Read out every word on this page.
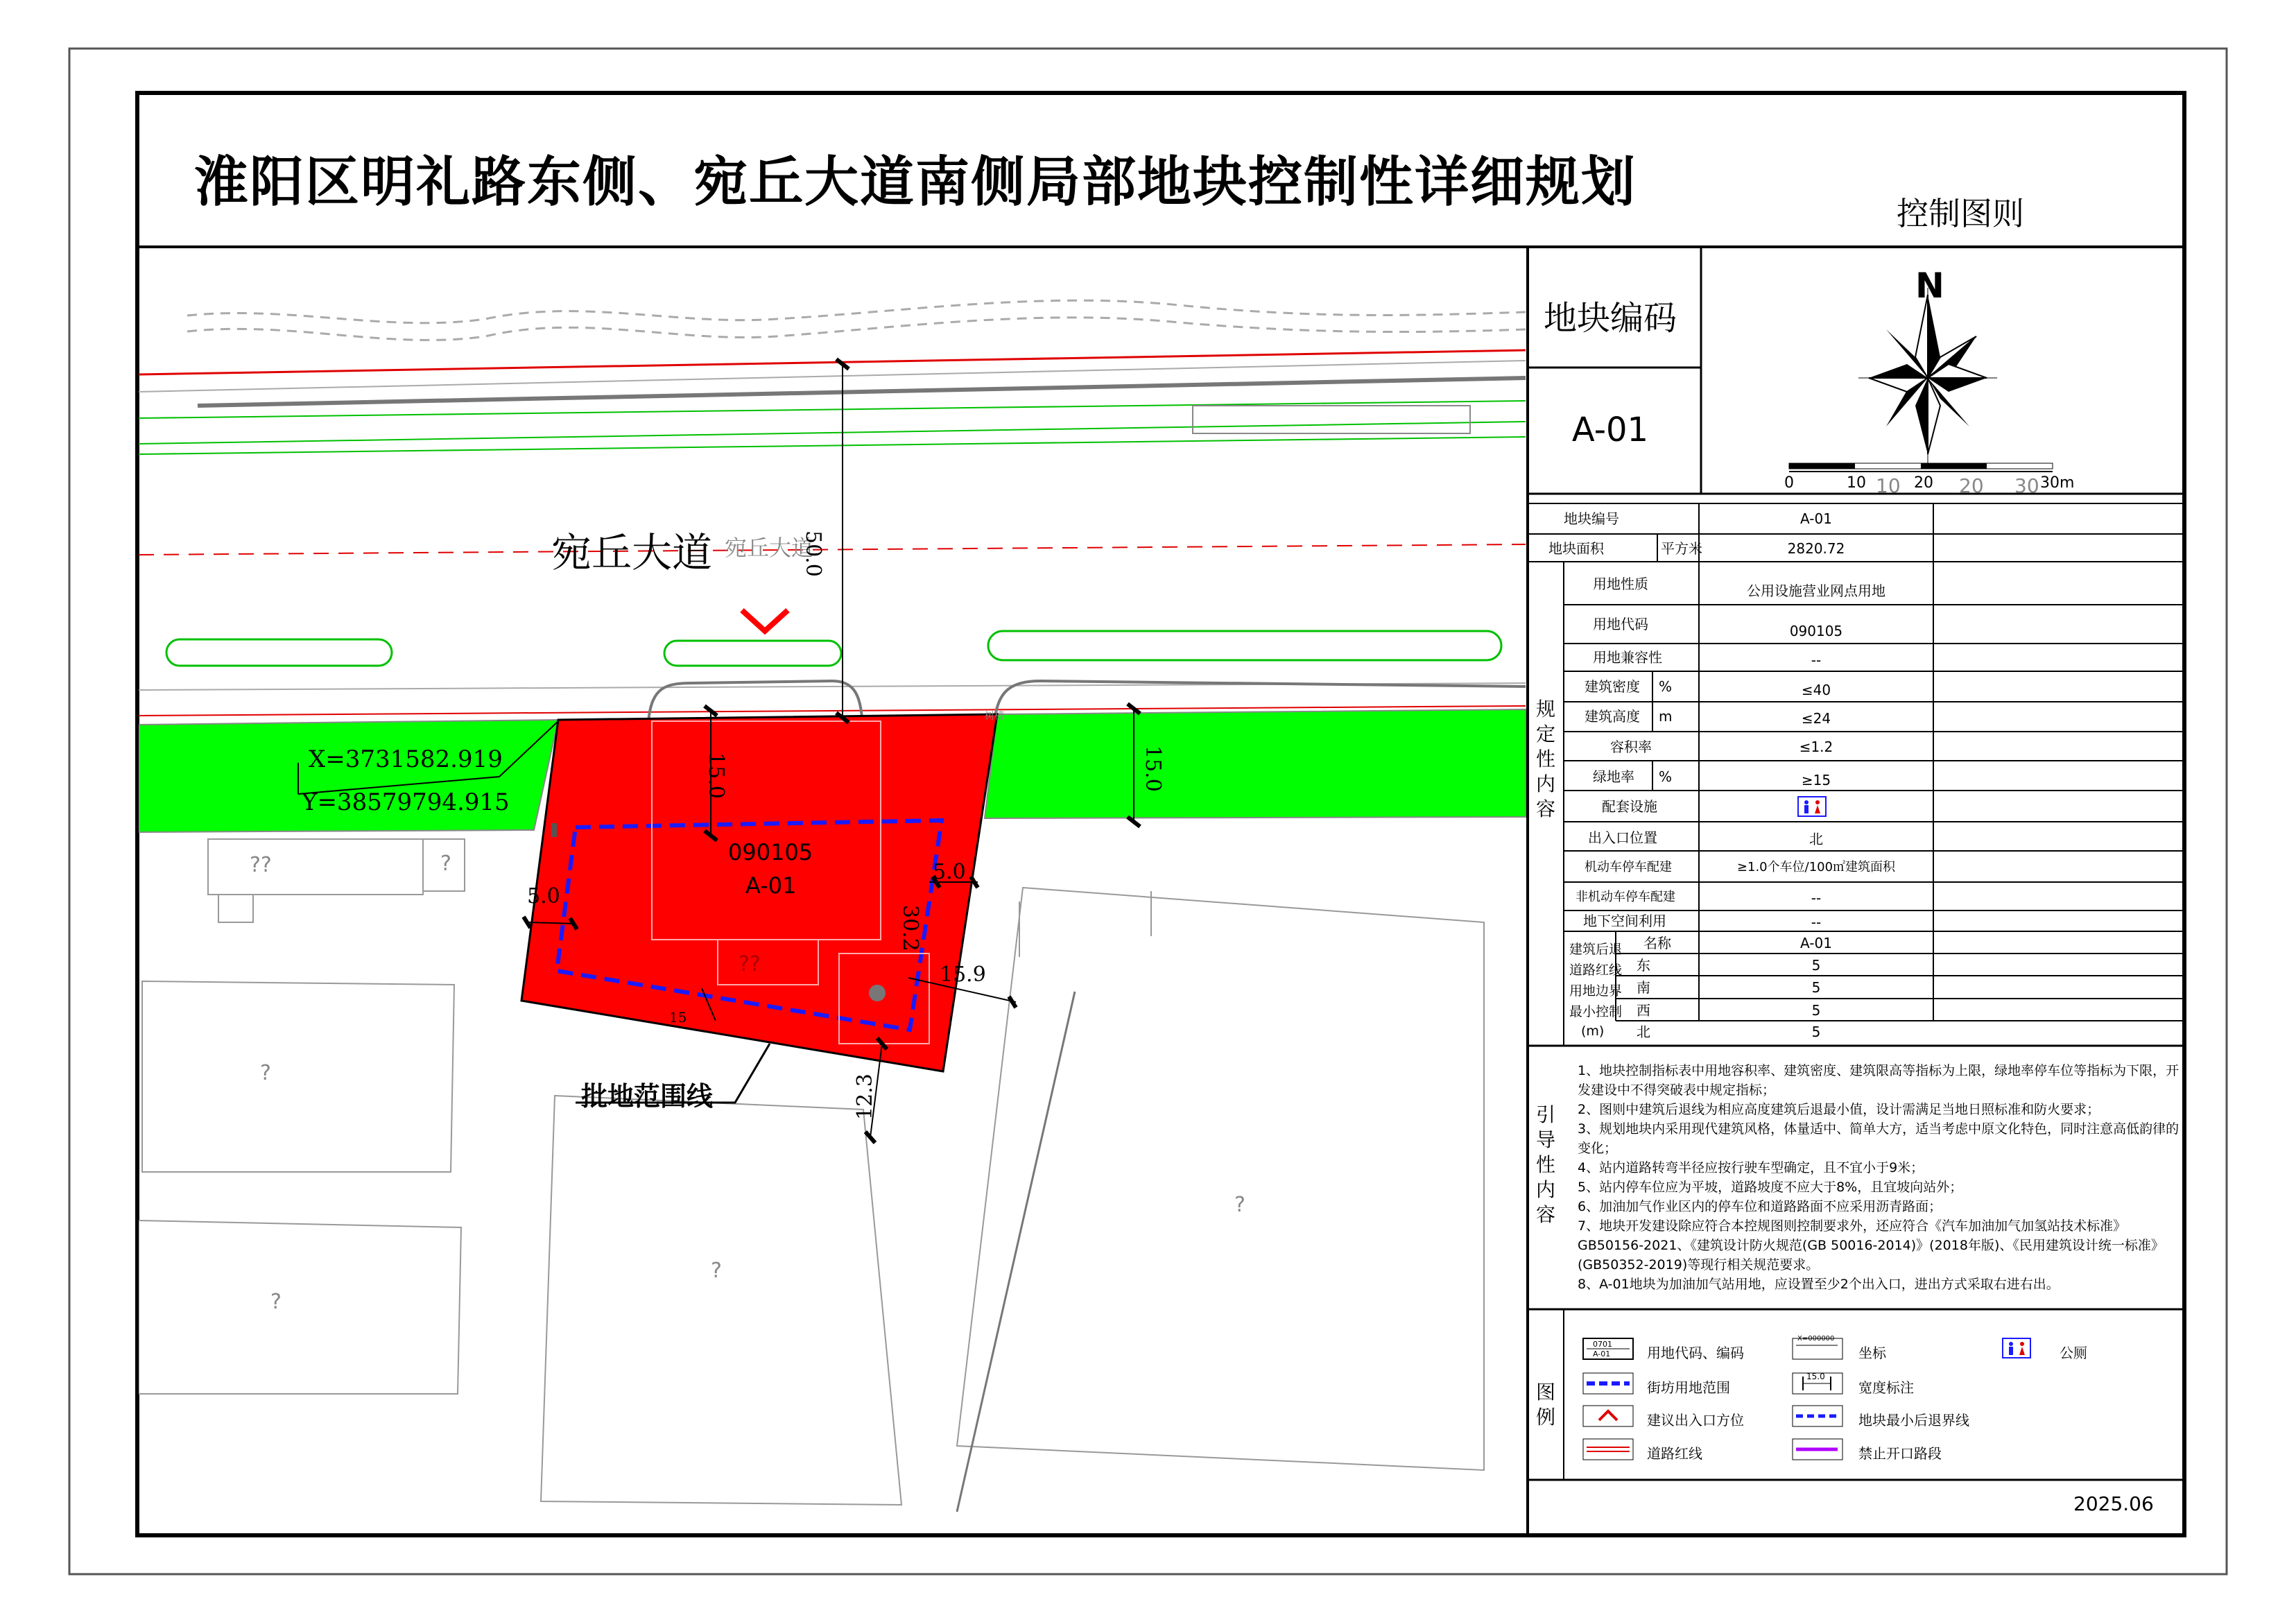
淮阳区明礼路东侧、宛丘大道南侧局部地块控制性详细规划	控制图则
地块编码
A-01
N
0	10 10 20 20 30 30m
宛丘大道 宛丘大道
50.0
15.0	15.0
5.0
5.0
30.2
15.9
12.3
15
X=3731582.919
Y=38579794.915
090105
A-01
批地范围线
树槽
??	?
??
?
?
?
?
地块编号	A-01
地块面积	平方米	2820.72
规
定
性
内
容
用地性质	公用设施营业网点用地
用地代码	090105
用地兼容性	--
建筑密度 %	≤40
建筑高度 m	≤24
容积率	≤1.2
绿地率 %	≥15
配套设施
出入口位置	北
机动车停车配建	≥1.0个车位/100㎡建筑面积
非机动车停车配建	--
地下空间利用	--
建筑后退
道路红线
用地边界
最小控制
(m)
名称	A-01
东	5
南	5
西	5
北	5
引
导
性
内
容
1、地块控制指标表中用地容积率、建筑密度、建筑限高等指标为上限，绿地率停车位等指标为下限，开发建设中不得突破表中规定指标；
2、图则中建筑后退线为相应高度建筑后退最小值，设计需满足当地日照标准和防火要求；
3、规划地块内采用现代建筑风格，体量适中、简单大方，适当考虑中原文化特色，同时注意高低韵律的变化；
4、站内道路转弯半径应按行驶车型确定，且不宜小于9米；
5、站内停车位应为平坡，道路坡度不应大于8%，且宜坡向站外；
6、加油加气作业区内的停车位和道路路面不应采用沥青路面；
7、地块开发建设除应符合本控规图则控制要求外，还应符合《汽车加油加气加氢站技术标准》GB50156-2021、《建筑设计防火规范(GB 50016-2014)》(2018年版)、《民用建筑设计统一标准》(GB50352-2019)等现行相关规范要求。
8、A-01地块为加油加气站用地，应设置至少2个出入口，进出方式采取右进右出。
图
例
0701
A-01
X=000000
15.0
用地代码、编码	坐标	公厕
街坊用地范围	宽度标注
建议出入口方位	地块最小后退界线
道路红线	禁止开口路段
2025.06
